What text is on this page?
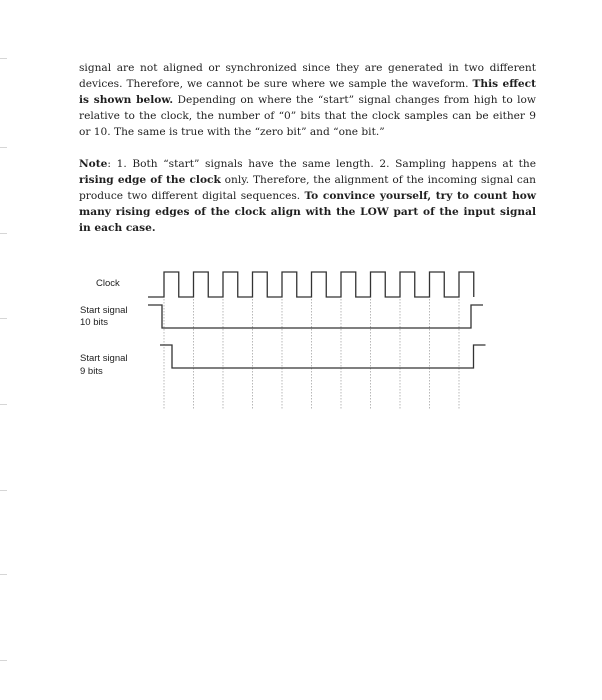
signal are not aligned or synchronized since they are generated in two different devices. Therefore, we cannot be sure where we sample the waveform. This effect is shown below. Depending on where the “start” signal changes from high to low relative to the clock, the number of “0” bits that the clock samples can be either 9 or 10. The same is true with the “zero bit” and “one bit.”

Note: 1. Both “start” signals have the same length. 2. Sampling happens at the rising edge of the clock only. Therefore, the alignment of the incoming signal can produce two different digital sequences. To convince yourself, try to count how many rising edges of the clock align with the LOW part of the input signal in each case.

Clock
Start signal
10 bits
Start signal
9 bits
